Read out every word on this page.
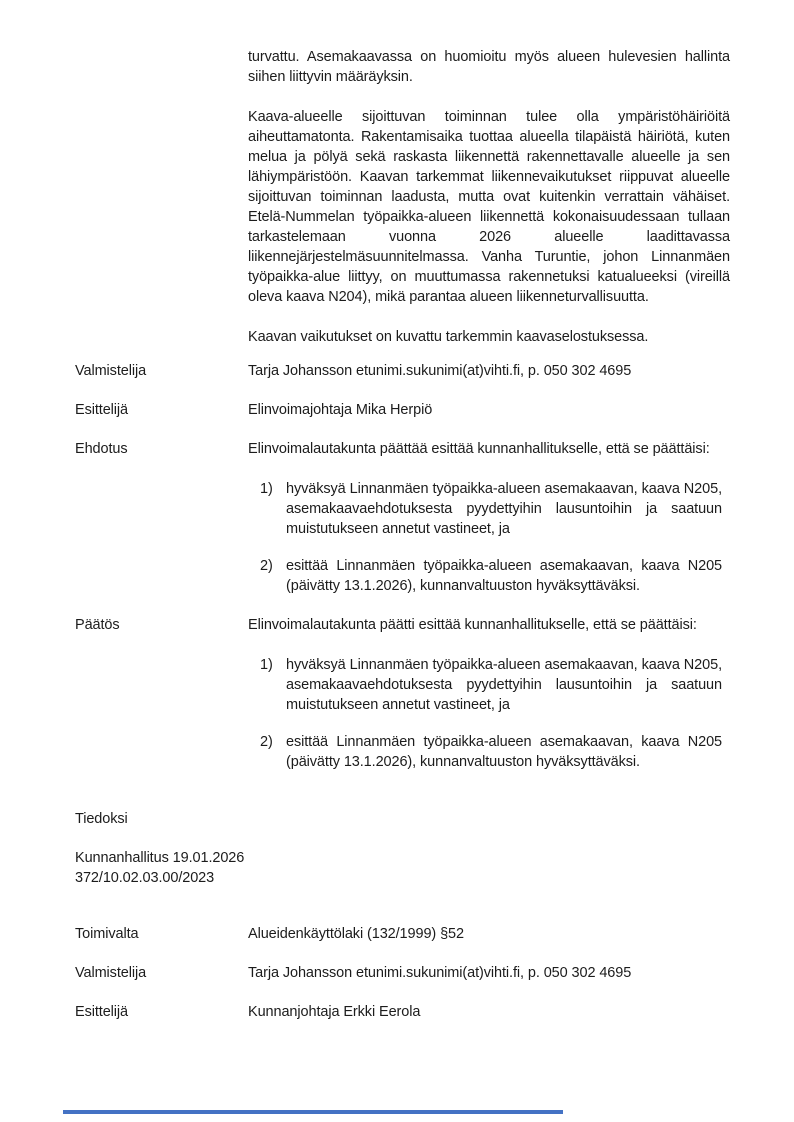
turvattu. Asemakaavassa on huomioitu myös alueen hulevesien hallinta siihen liittyvin määräyksin.
Kaava-alueelle sijoittuvan toiminnan tulee olla ympäristöhäiriöitä aiheuttamatonta. Rakentamisaika tuottaa alueella tilapäistä häiriötä, kuten melua ja pölyä sekä raskasta liikennettä rakennettavalle alueelle ja sen lähiympäristöön. Kaavan tarkemmat liikennevaikutukset riippuvat alueelle sijoittuvan toiminnan laadusta, mutta ovat kuitenkin verrattain vähäiset. Etelä-Nummelan työpaikka-alueen liikennettä kokonaisuudessaan tullaan tarkastelemaan vuonna 2026 alueelle laadittavassa liikennejärjestelmäsuunnitelmassa. Vanha Turuntie, johon Linnanmäen työpaikka-alue liittyy, on muuttumassa rakennetuksi katualueeksi (vireillä oleva kaava N204), mikä parantaa alueen liikenneturvallisuutta.
Kaavan vaikutukset on kuvattu tarkemmin kaavaselostuksessa.
Valmistelija	Tarja Johansson etunimi.sukunimi(at)vihti.fi, p. 050 302 4695
Esittelijä	Elinvoimajohtaja Mika Herpiö
Ehdotus	Elinvoimalautakunta päättää esittää kunnanhallitukselle, että se päättäisi:
1) hyväksyä Linnanmäen työpaikka-alueen asemakaavan, kaava N205, asemakaavaehdotuksesta pyydettyihin lausuntoihin ja saatuun muistutukseen annetut vastineet, ja
2) esittää Linnanmäen työpaikka-alueen asemakaavan, kaava N205 (päivätty 13.1.2026), kunnanvaltuuston hyväksyttäväksi.
Päätös	Elinvoimalautakunta päätti esittää kunnanhallitukselle, että se päättäisi:
1) hyväksyä Linnanmäen työpaikka-alueen asemakaavan, kaava N205, asemakaavaehdotuksesta pyydettyihin lausuntoihin ja saatuun muistutukseen annetut vastineet, ja
2) esittää Linnanmäen työpaikka-alueen asemakaavan, kaava N205 (päivätty 13.1.2026), kunnanvaltuuston hyväksyttäväksi.
Tiedoksi
Kunnanhallitus 19.01.2026
372/10.02.03.00/2023
Toimivalta	Alueidenkäyttölaki (132/1999) §52
Valmistelija	Tarja Johansson etunimi.sukunimi(at)vihti.fi, p. 050 302 4695
Esittelijä	Kunnanjohtaja Erkki Eerola
